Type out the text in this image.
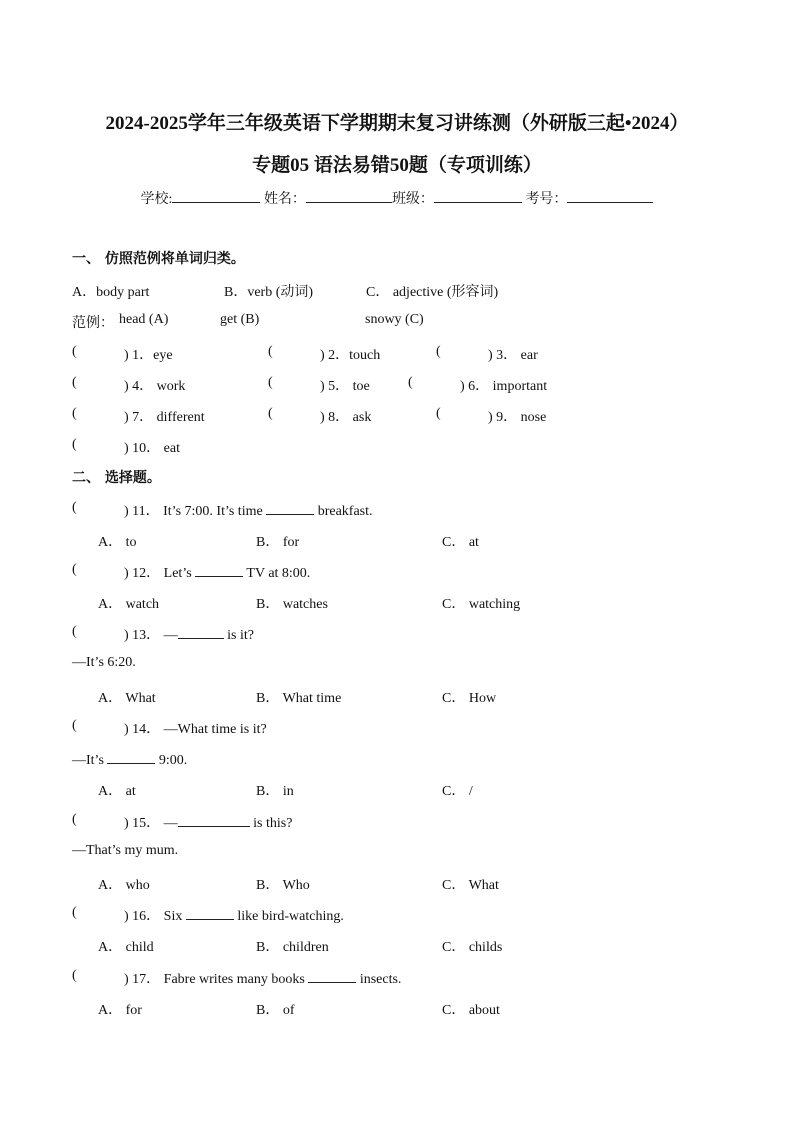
2024-2025学年三年级英语下学期期末复习讲练测（外研版三起•2024）
专题05 语法易错50题（专项训练）
学校:	姓名：	班级：	考号：
一、 仿照范例将单词归类。
A．body part	B．verb (动词)	C． adjective (形容词)
范例： head (A)	get (B)	snowy (C)
(	) 1．eye	(	) 2．touch	(	) 3． ear
(	) 4． work	(	) 5． toe	(	) 6． important
(	) 7． different	(	) 8． ask	(	) 9． nose
(	) 10． eat
二、 选择题。
(	) 11． It’s 7:00. It’s time	breakfast.
A． to	B． for	C． at
(	) 12． Let’s	TV at 8:00.
A． watch	B． watches	C． watching
(	) 13． —	is it?
—It’s 6:20.
A． What	B． What time	C． How
(	) 14． —What time is it?
—It’s	9:00.
A． at	B． in	C． /
(	) 15． —	is this?
—That’s my mum.
A． who	B． Who	C． What
(	) 16． Six	like bird-watching.
A． child	B． children	C． childs
(	) 17． Fabre writes many books	insects.
A． for	B． of	C． about
